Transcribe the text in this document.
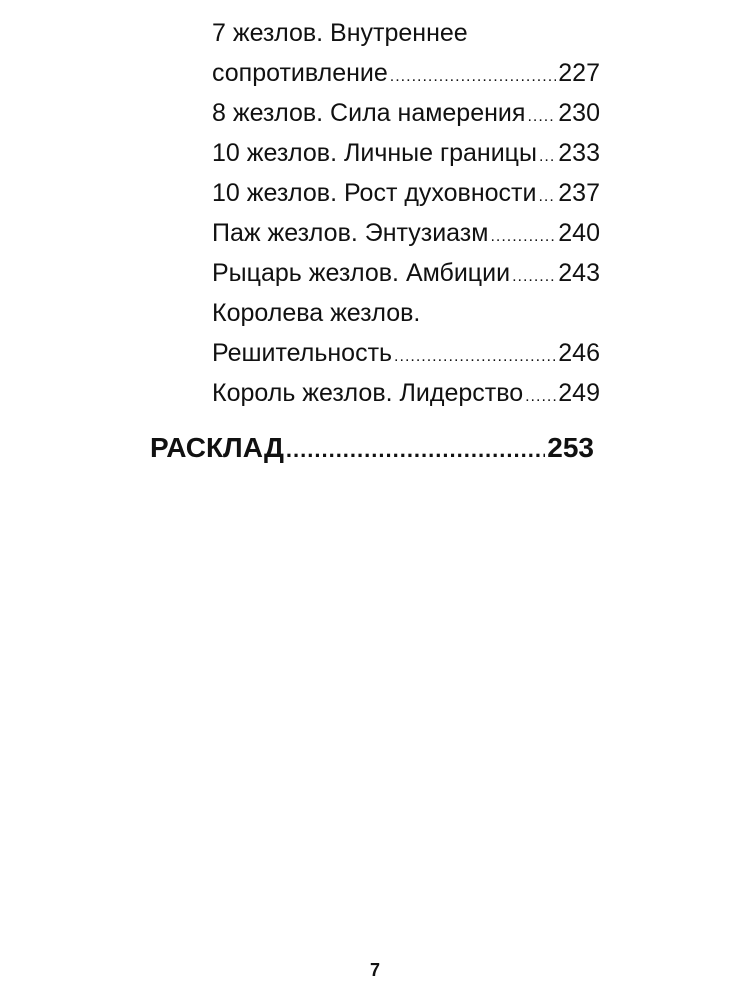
7 жезлов. Внутреннее
сопротивление .....	227
8 жезлов. Сила намерения ..... 230
10 жезлов. Личные границы ..... 233
10 жезлов. Рост духовности ..... 237
Паж жезлов. Энтузиазм .....	240
Рыцарь жезлов. Амбиции ..... 243
Королева жезлов.
Решительность .....	246
Король жезлов. Лидерство ..... 249
РАСКЛАД .....	253
7
